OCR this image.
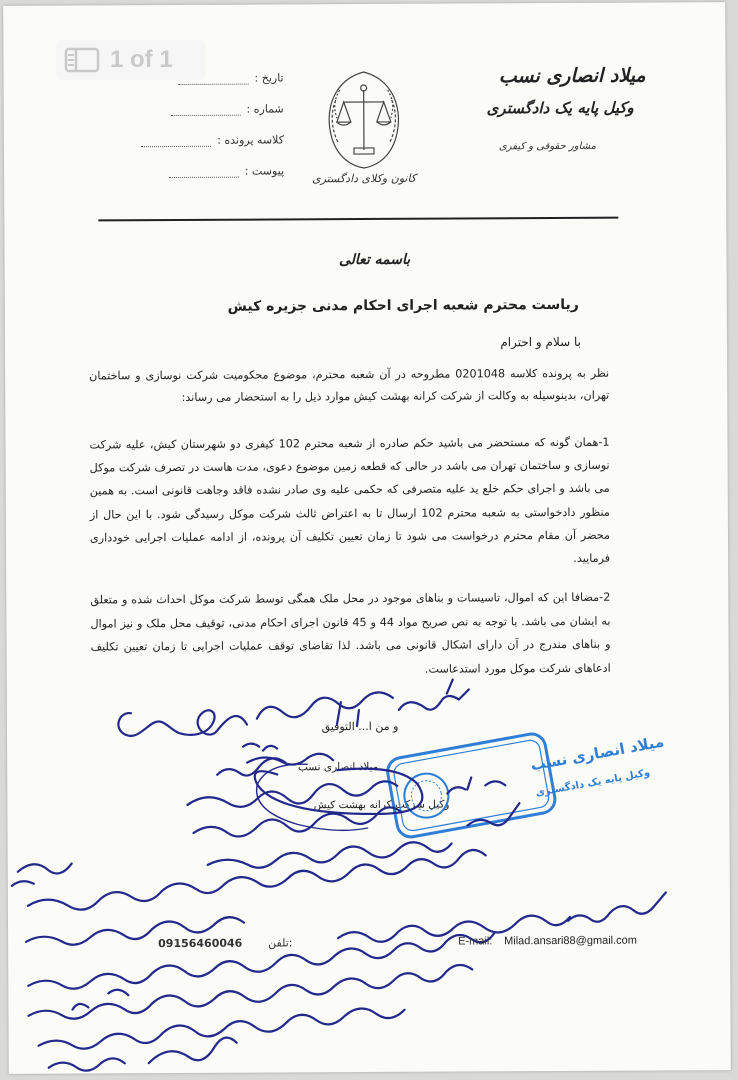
تاریخ :
شماره :
کلاسه پرونده :
پیوست :
کانون وکلای دادگستری
میلاد انصاری نسب
وکیل پایه یک دادگستری
مشاور حقوقی و کیفری
باسمه تعالی
ریاست محترم شعبه اجرای احکام مدنی جزیره کیش
با سلام و احترام
نظر به پرونده کلاسه 0201048 مطروحه در آن شعبه محترم، موضوع محکومیت شرکت نوسازی و ساختمان تهران، بدینوسیله به وکالت از شرکت کرانه بهشت کیش موارد ذیل را به استحضار می رساند:
1-همان گونه که مستحضر می باشید حکم صادره از شعبه محترم 102 کیفری دو شهرستان کیش، علیه شرکت نوسازی و ساختمان تهران می باشد در حالی که قطعه زمین موضوع دعوی، مدت هاست در تصرف شرکت موکل می باشد و اجرای حکم خلع ید علیه متصرفی که حکمی علیه وی صادر نشده فاقد وجاهت قانونی است. به همین منظور دادخواستی به شعبه محترم 102 ارسال تا به اعتراض ثالث شرکت موکل رسیدگی شود. با این حال از محضر آن مقام محترم درخواست می شود تا زمان تعیین تکلیف آن پرونده، از ادامه عملیات اجرایی خودداری فرمایید.
2-مضافا این که اموال، تاسیسات و بناهای موجود در محل ملک همگی توسط شرکت موکل احداث شده و متعلق به ایشان می باشد. با توجه به نص صریح مواد 44 و 45 قانون اجرای احکام مدنی، توقیف محل ملک و نیز اموال و بناهای مندرج در آن دارای اشکال قانونی می باشد. لذا تقاضای توقف عملیات اجرایی تا زمان تعیین تکلیف ادعاهای شرکت موکل مورد استدعاست.
و من ا... التوفیق
میلاد انصاری نسب
وکیل شرکت کرانه بهشت کیش
میلاد انصاری نسب
وکیل پایه یک دادگستری
09156460046 تلفن:	E-mail: Milad.ansari88@gmail.com
1 of 1
